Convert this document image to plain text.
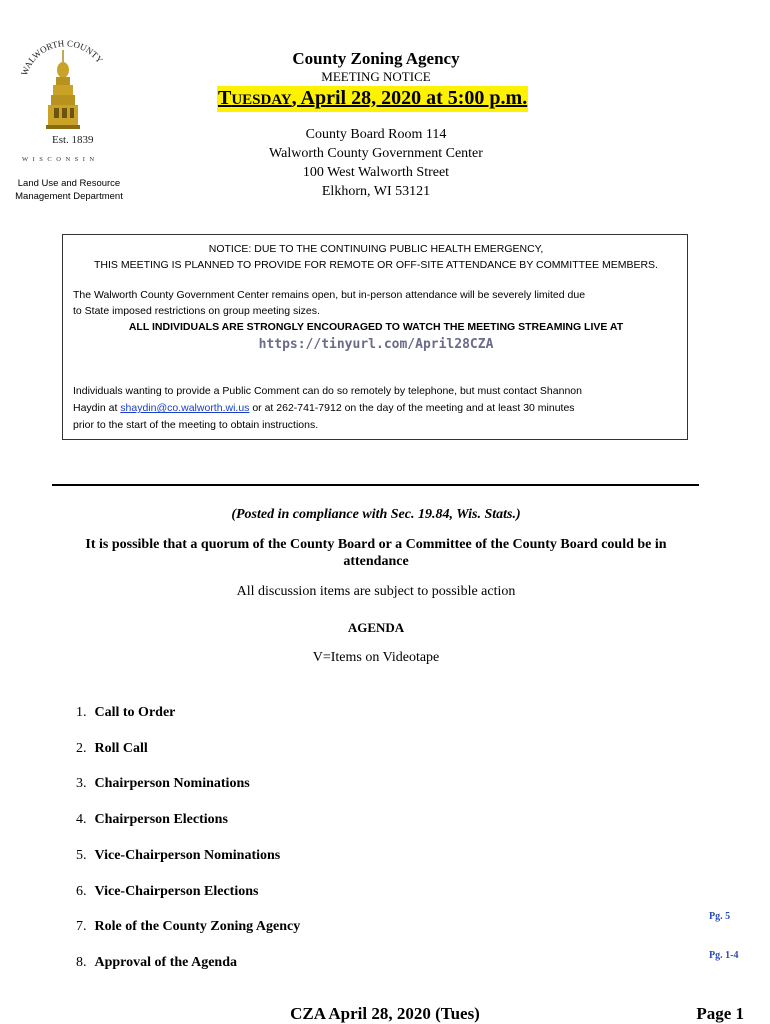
WALWORTH COUNTY
Est. 1839
WISCONSIN
Land Use and Resource
Management Department
County Zoning Agency
MEETING NOTICE
TUESDAY, April 28, 2020 at 5:00 p.m.
County Board Room 114
Walworth County Government Center
100 West Walworth Street
Elkhorn, WI 53121
NOTICE: DUE TO THE CONTINUING PUBLIC HEALTH EMERGENCY,
THIS MEETING IS PLANNED TO PROVIDE FOR REMOTE OR OFF-SITE ATTENDANCE BY COMMITTEE MEMBERS.
The Walworth County Government Center remains open, but in-person attendance will be severely limited due
to State imposed restrictions on group meeting sizes.
ALL INDIVIDUALS ARE STRONGLY ENCOURAGED TO WATCH THE MEETING STREAMING LIVE AT
https://tinyurl.com/April28CZA
Individuals wanting to provide a Public Comment can do so remotely by telephone, but must contact Shannon
Haydin at shaydin@co.walworth.wi.us or at 262-741-7912 on the day of the meeting and at least 30 minutes
prior to the start of the meeting to obtain instructions.
(Posted in compliance with Sec. 19.84, Wis. Stats.)
It is possible that a quorum of the County Board or a Committee of the County Board could be in
attendance
All discussion items are subject to possible action
AGENDA
V=Items on Videotape
1. Call to Order
2. Roll Call
3. Chairperson Nominations
4. Chairperson Elections
5. Vice-Chairperson Nominations
6. Vice-Chairperson Elections
7. Role of the County Zoning Agency
8. Approval of the Agenda
Pg. 5
Pg. 1-4
CZA April 28, 2020 (Tues)	Page 1
